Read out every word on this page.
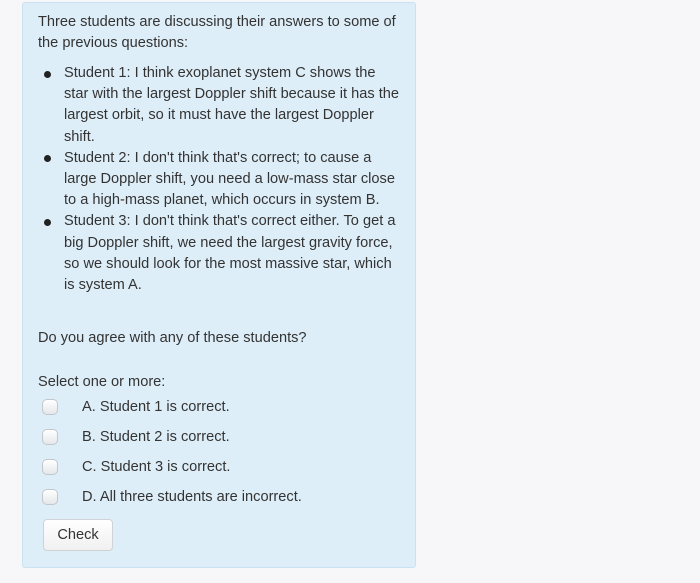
Three students are discussing their answers to some of the previous questions:

Student 1: I think exoplanet system C shows the star with the largest Doppler shift because it has the largest orbit, so it must have the largest Doppler shift.
Student 2: I don't think that's correct; to cause a large Doppler shift, you need a low-mass star close to a high-mass planet, which occurs in system B.
Student 3: I don't think that's correct either. To get a big Doppler shift, we need the largest gravity force, so we should look for the most massive star, which is system A.

Do you agree with any of these students?

Select one or more:

A. Student 1 is correct.
B. Student 2 is correct.
C. Student 3 is correct.
D. All three students are incorrect.
Check
